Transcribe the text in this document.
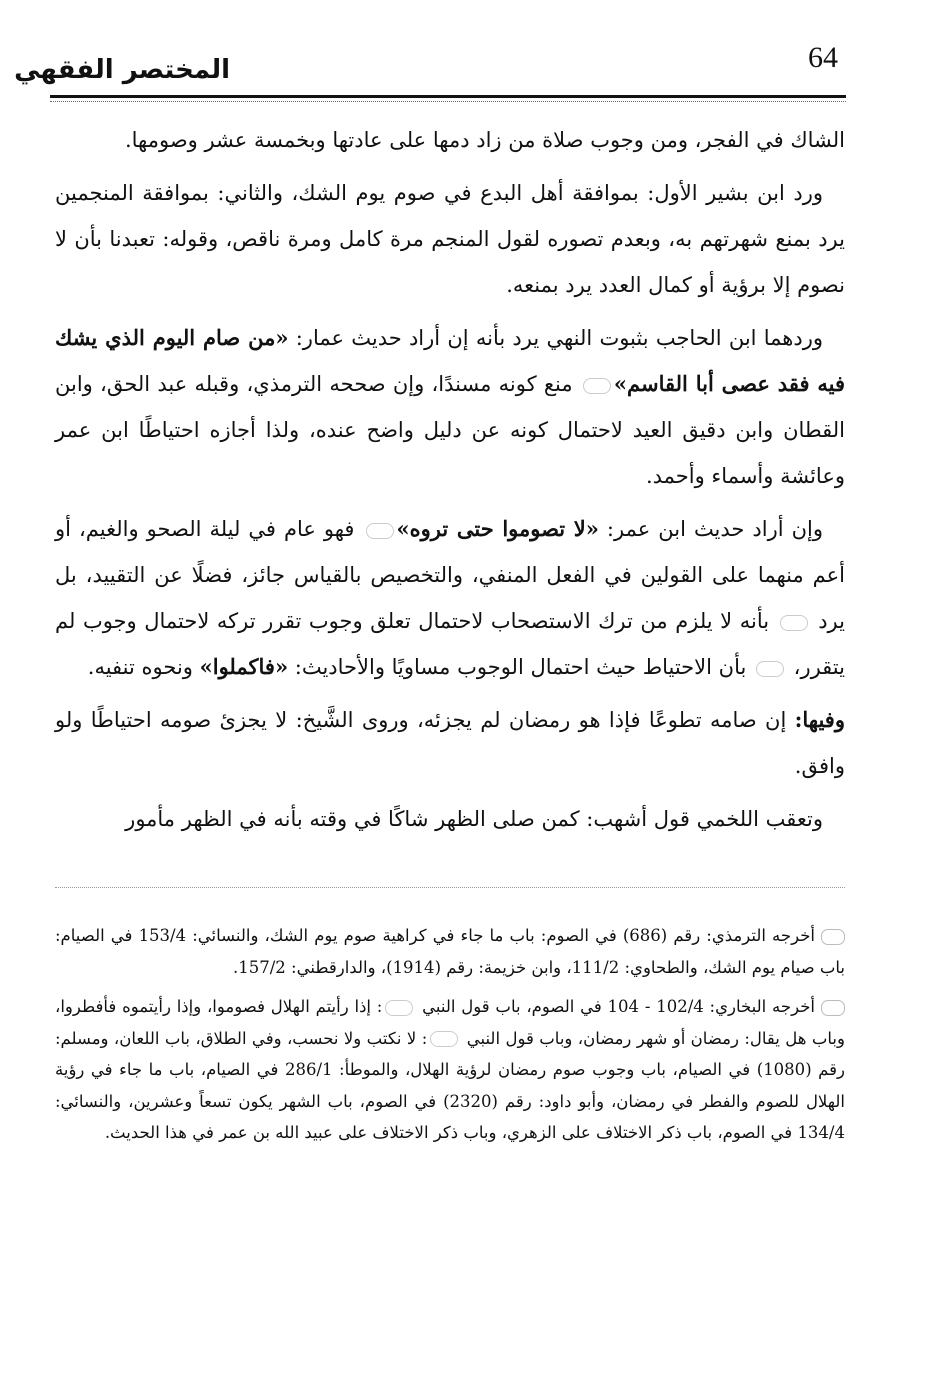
64
المختصر الفقهي

الشاك في الفجر، ومن وجوب صلاة من زاد دمها على عادتها وبخمسة عشر وصومها.

ورد ابن بشير الأول: بموافقة أهل البدع في صوم يوم الشك، والثاني: بموافقة المنجمين يرد بمنع شهرتهم به، وبعدم تصوره لقول المنجم مرة كامل ومرة ناقص، وقوله: تعبدنا بأن لا نصوم إلا برؤية أو كمال العدد يرد بمنعه.

وردهما ابن الحاجب بثبوت النهي يرد بأنه إن أراد حديث عمار: «من صام اليوم الذي يشك فيه فقد عصى أبا القاسم» منع كونه مسندًا، وإن صححه الترمذي، وقبله عبد الحق، وابن القطان وابن دقيق العيد لاحتمال كونه عن دليل واضح عنده، ولذا أجازه احتياطًا ابن عمر وعائشة وأسماء وأحمد.

وإن أراد حديث ابن عمر: «لا تصوموا حتى تروه» فهو عام في ليلة الصحو والغيم، أو أعم منهما على القولين في الفعل المنفي، والتخصيص بالقياس جائز، فضلًا عن التقييد، بل يرد  بأنه لا يلزم من ترك الاستصحاب لاحتمال تعلق وجوب تقرر تركه لاحتمال وجوب لم يتقرر،  بأن الاحتياط حيث احتمال الوجوب مساويًا والأحاديث: «فاكملوا» ونحوه تنفيه.

وفيها: إن صامه تطوعًا فإذا هو رمضان لم يجزئه، وروى الشَّيخ: لا يجزئ صومه احتياطًا ولو وافق.

وتعقب اللخمي قول أشهب: كمن صلى الظهر شاكًا في وقته بأنه في الظهر مأمور

أخرجه الترمذي: رقم (686) في الصوم: باب ما جاء في كراهية صوم يوم الشك، والنسائي: 153/4 في الصيام: باب صيام يوم الشك، والطحاوي: 111/2، وابن خزيمة: رقم (1914)، والدارقطني: 157/2.

أخرجه البخاري: 102/4 - 104 في الصوم، باب قول النبي : إذا رأيتم الهلال فصوموا، وإذا رأيتموه فأفطروا، وباب هل يقال: رمضان أو شهر رمضان، وباب قول النبي : لا نكتب ولا نحسب، وفي الطلاق، باب اللعان، ومسلم: رقم (1080) في الصيام، باب وجوب صوم رمضان لرؤية الهلال، والموطأ: 286/1 في الصيام، باب ما جاء في رؤية الهلال للصوم والفطر في رمضان، وأبو داود: رقم (2320) في الصوم، باب الشهر يكون تسعاً وعشرين، والنسائي: 134/4 في الصوم، باب ذكر الاختلاف على الزهري، وباب ذكر الاختلاف على عبيد الله بن عمر في هذا الحديث.
